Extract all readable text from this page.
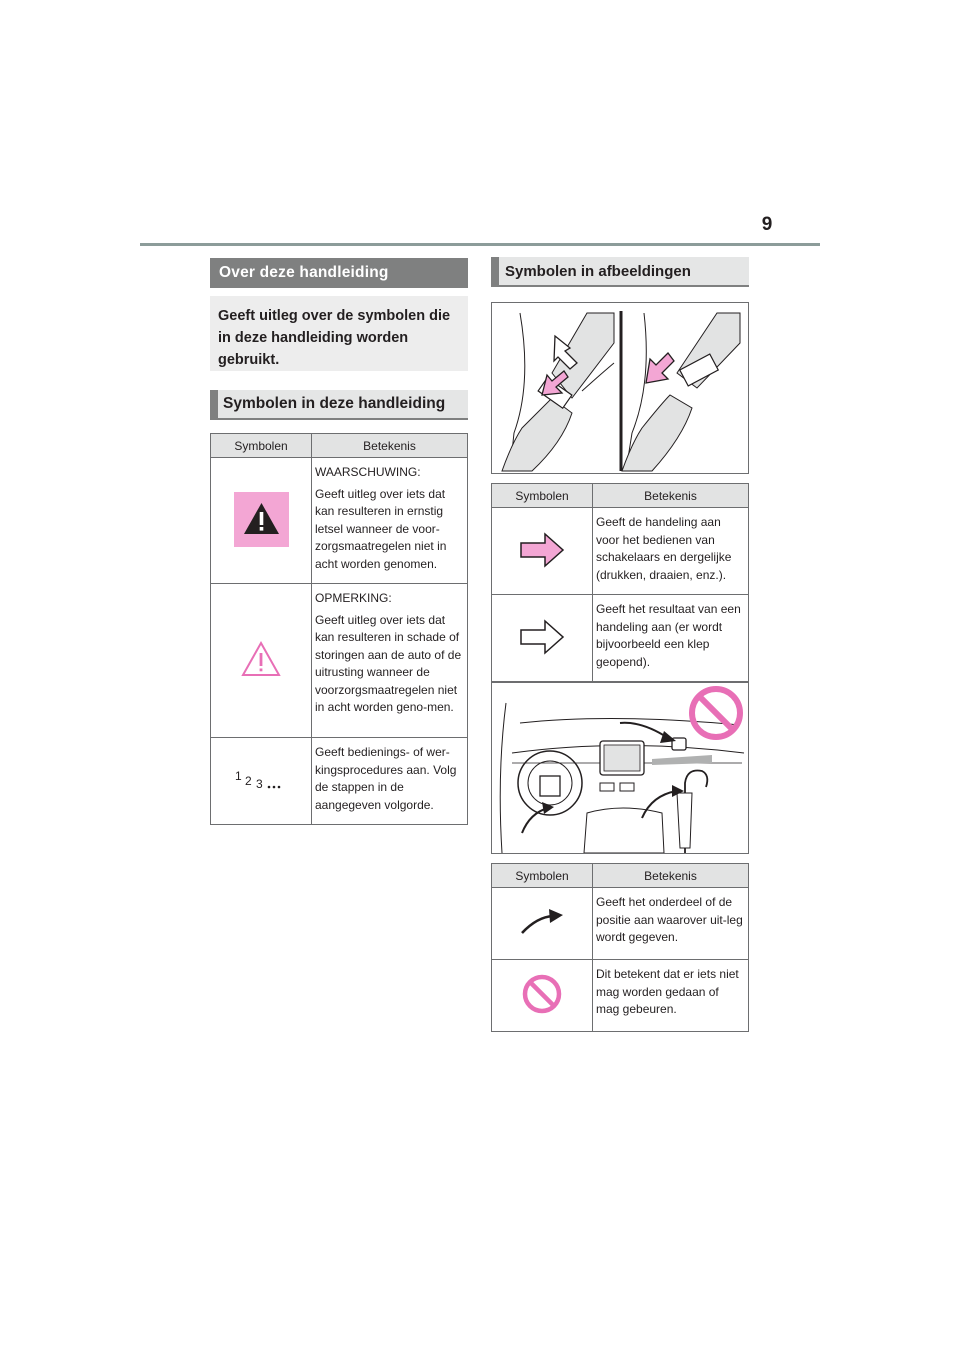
9
Over deze handleiding
Geeft uitleg over de symbolen die in deze handleiding worden gebruikt.
Symbolen in deze handleiding
Symbolen	Betekenis

WAARSCHUWING:

Geeft uitleg over iets dat kan resulteren in ernstig letsel wanneer de voor-zorgsmaatregelen niet in acht worden genomen.

OPMERKING:

Geeft uitleg over iets dat kan resulteren in schade of storingen aan de auto of de uitrusting wanneer de voorzorgsmaatregelen niet in acht worden geno-men.

1 2 3	Geeft bedienings- of wer-kingsprocedures aan. Volg de stappen in de aangegeven volgorde.

Symbolen in afbeeldingen
Symbolen	Betekenis

Geeft de handeling aan voor het bedienen van schakelaars en dergelijke (drukken, draaien, enz.).

Geeft het resultaat van een handeling aan (er wordt bijvoorbeeld een klep geopend).

Symbolen	Betekenis

Geeft het onderdeel of de positie aan waarover uit-leg wordt gegeven.

Dit betekent dat er iets niet mag worden gedaan of mag gebeuren.
